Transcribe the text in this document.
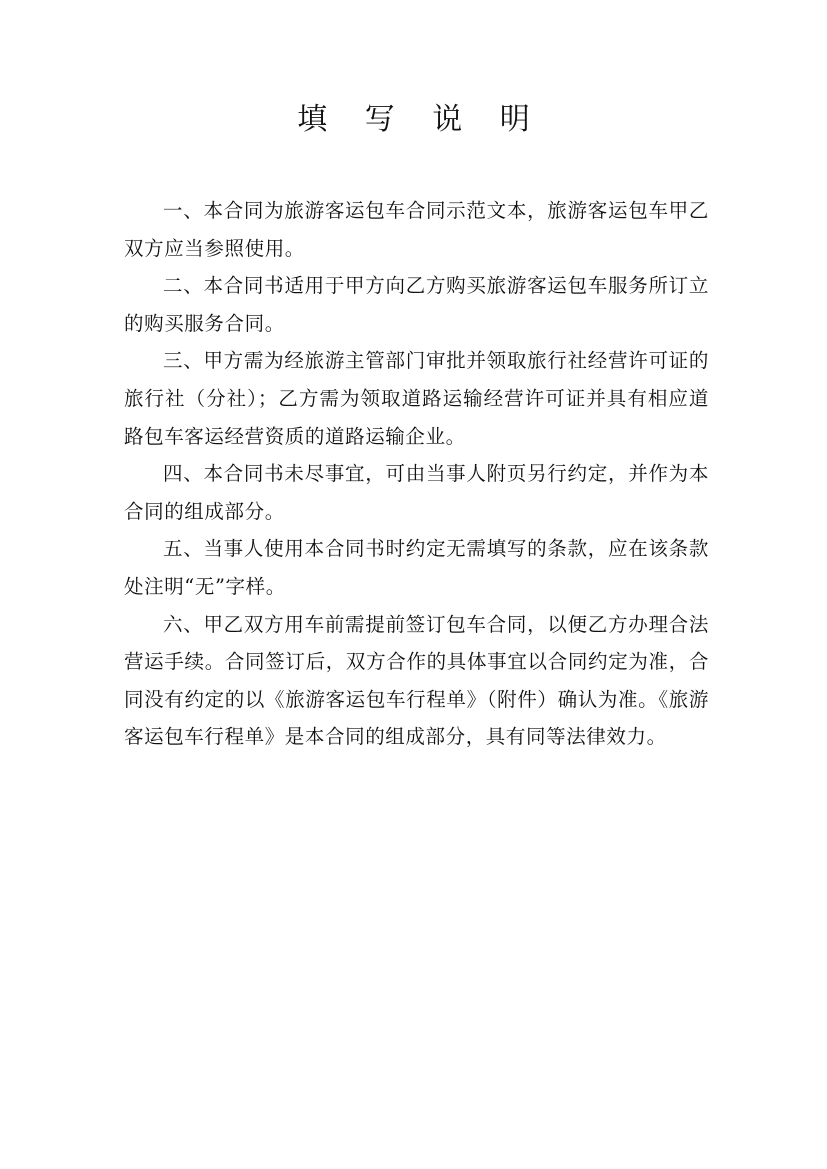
填 写 说 明

一、本合同为旅游客运包车合同示范文本，旅游客运包车甲乙双方应当参照使用。

二、本合同书适用于甲方向乙方购买旅游客运包车服务所订立的购买服务合同。

三、甲方需为经旅游主管部门审批并领取旅行社经营许可证的旅行社（分社）；乙方需为领取道路运输经营许可证并具有相应道路包车客运经营资质的道路运输企业。

四、本合同书未尽事宜，可由当事人附页另行约定，并作为本合同的组成部分。

五、当事人使用本合同书时约定无需填写的条款，应在该条款处注明“无”字样。

六、甲乙双方用车前需提前签订包车合同，以便乙方办理合法营运手续。合同签订后，双方合作的具体事宜以合同约定为准，合同没有约定的以《旅游客运包车行程单》（附件）确认为准。《旅游客运包车行程单》是本合同的组成部分，具有同等法律效力。
